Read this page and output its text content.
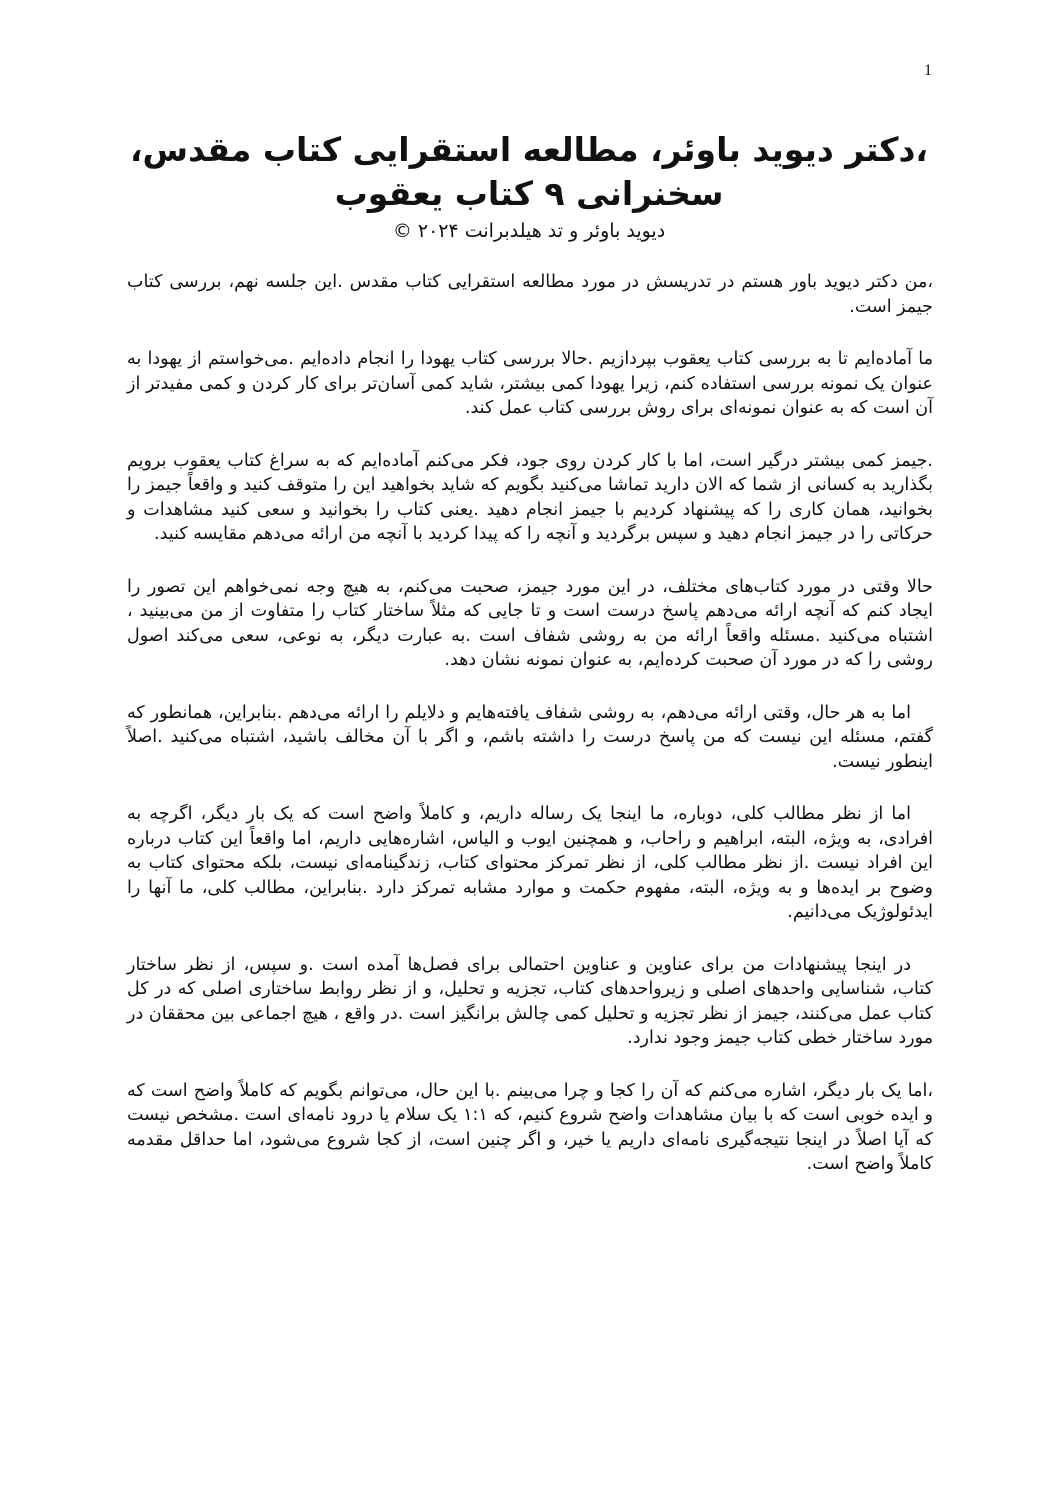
1
،دکتر دیوید باوئر، مطالعه استقرایی کتاب مقدس، سخنرانی ۹ کتاب یعقوب
دیوید باوئر و تد هیلدبرانت ۲۰۲۴ ©

،من دکتر دیوید باور هستم در تدریسش در مورد مطالعه استقرایی کتاب مقدس .این جلسه نهم، بررسی کتاب جیمز است.

ما آماده‌ایم تا به بررسی کتاب یعقوب بپردازیم .حالا بررسی کتاب یهودا را انجام داده‌ایم .می‌خواستم از یهودا به عنوان یک نمونه بررسی استفاده کنم، زیرا یهودا کمی بیشتر، شاید کمی آسان‌تر برای کار کردن و کمی مفیدتر از آن است که به عنوان نمونه‌ای برای روش بررسی کتاب عمل کند.

.جیمز کمی بیشتر درگیر است، اما با کار کردن روی جود، فکر می‌کنم آماده‌ایم که به سراغ کتاب یعقوب برویم بگذارید به کسانی از شما که الان دارید تماشا می‌کنید بگویم که شاید بخواهید این را متوقف کنید و واقعاً جیمز را بخوانید، همان کاری را که پیشنهاد کردیم با جیمز انجام دهید .یعنی کتاب را بخوانید و سعی کنید مشاهدات و حرکاتی را در جیمز انجام دهید و سپس برگردید و آنچه را که پیدا کردید با آنچه من ارائه می‌دهم مقایسه کنید.

حالا وقتی در مورد کتاب‌های مختلف، در این مورد جیمز، صحبت می‌کنم، به هیچ وجه نمی‌خواهم این تصور را ایجاد کنم که آنچه ارائه می‌دهم پاسخ درست است و تا جایی که مثلاً ساختار کتاب را متفاوت از من می‌بینید ، اشتباه می‌کنید .مسئله واقعاً ارائه من به روشی شفاف است .به عبارت دیگر، به نوعی، سعی می‌کند اصول روشی را که در مورد آن صحبت کرده‌ایم، به عنوان نمونه نشان دهد.

اما به هر حال، وقتی ارائه می‌دهم، به روشی شفاف یافته‌هایم و دلایلم را ارائه می‌دهم .بنابراین، همانطور که گفتم، مسئله این نیست که من پاسخ درست را داشته باشم، و اگر با آن مخالف باشید، اشتباه می‌کنید .اصلاً اینطور نیست.

اما از نظر مطالب کلی، دوباره، ما اینجا یک رساله داریم، و کاملاً واضح است که یک بار دیگر، اگرچه به افرادی، به ویژه، البته، ابراهیم و راحاب، و همچنین ایوب و الیاس، اشاره‌هایی داریم، اما واقعاً این کتاب درباره این افراد نیست .از نظر مطالب کلی، از نظر تمرکز محتوای کتاب، زندگینامه‌ای نیست، بلکه محتوای کتاب به وضوح بر ایده‌ها و به ویژه، البته، مفهوم حکمت و موارد مشابه تمرکز دارد .بنابراین، مطالب کلی، ما آنها را ایدئولوژیک می‌دانیم.

در اینجا پیشنهادات من برای عناوین و عناوین احتمالی برای فصل‌ها آمده است .و سپس، از نظر ساختار کتاب، شناسایی واحدهای اصلی و زیرواحدهای کتاب، تجزیه و تحلیل، و از نظر روابط ساختاری اصلی که در کل کتاب عمل می‌کنند، جیمز از نظر تجزیه و تحلیل کمی چالش برانگیز است .در واقع ، هیچ اجماعی بین محققان در مورد ساختار خطی کتاب جیمز وجود ندارد.

،اما یک بار دیگر، اشاره می‌کنم که آن را کجا و چرا می‌بینم .با این حال، می‌توانم بگویم که کاملاً واضح است که و ایده خوبی است که با بیان مشاهدات واضح شروع کنیم، که ۱:۱ یک سلام یا درود نامه‌ای است .مشخص نیست که آیا اصلاً در اینجا نتیجه‌گیری نامه‌ای داریم یا خیر، و اگر چنین است، از کجا شروع می‌شود، اما حداقل مقدمه کاملاً واضح است.
